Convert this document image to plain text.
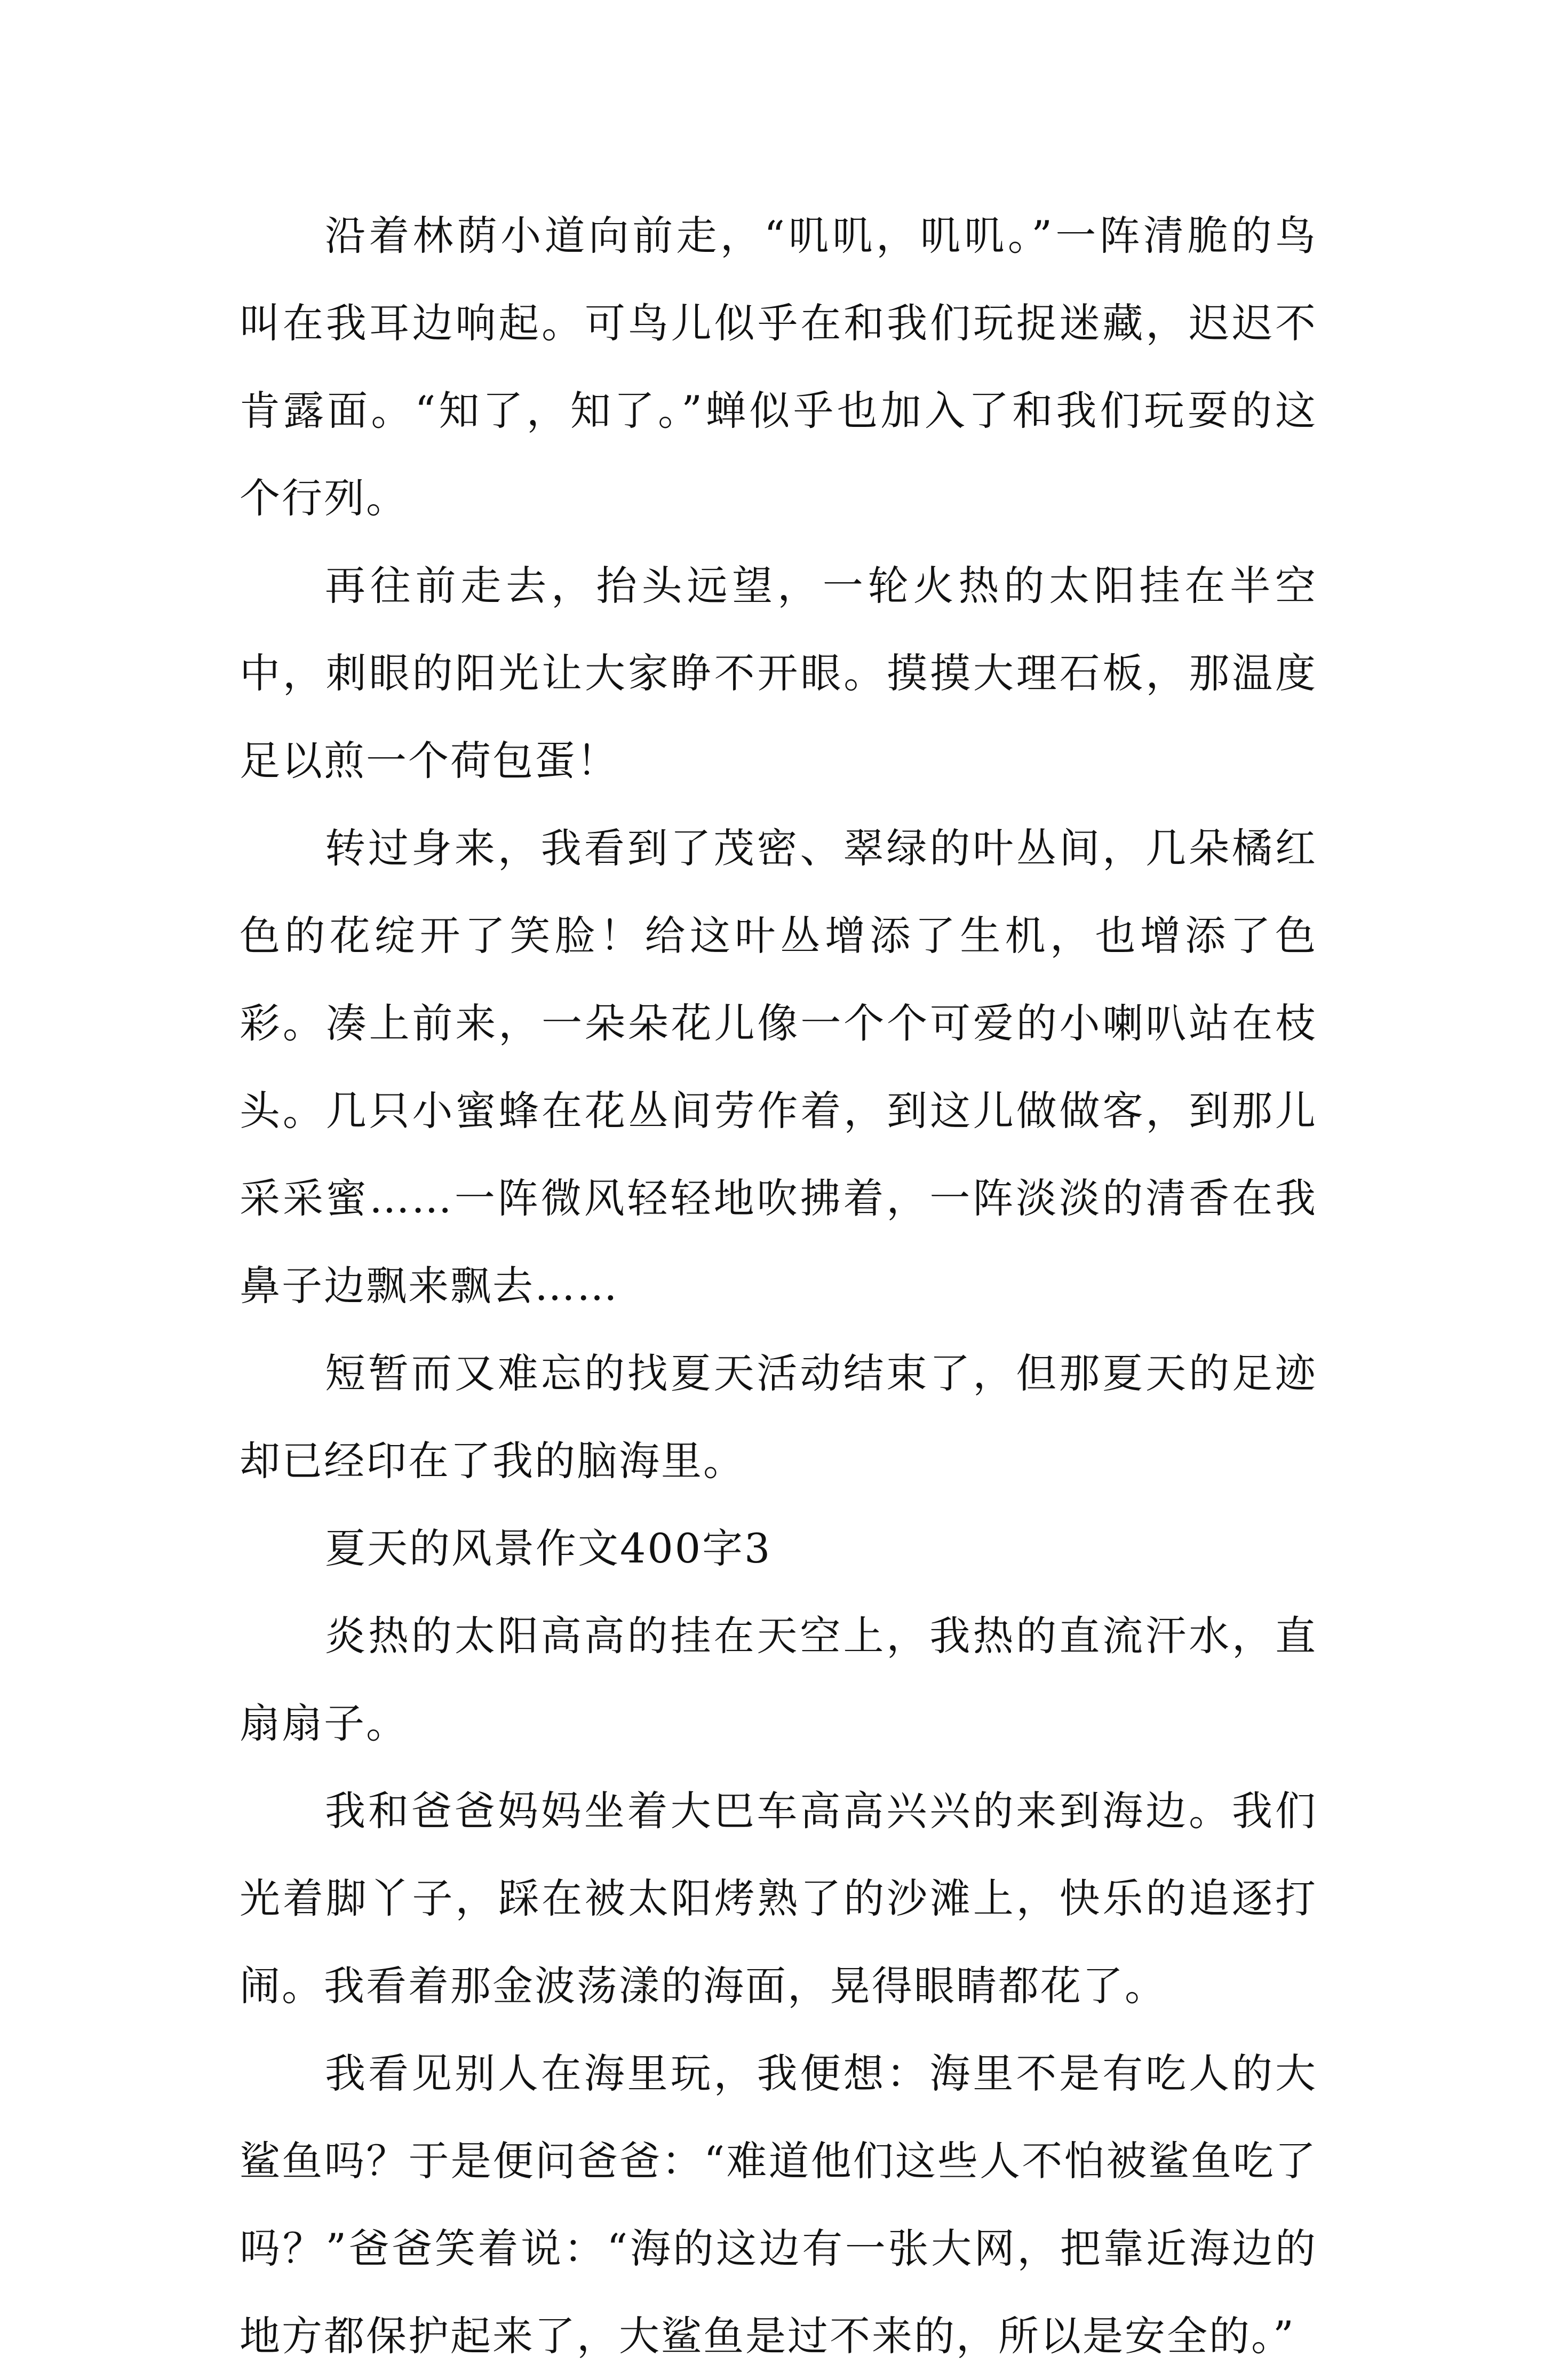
沿着林荫小道向前走，“叽叽，叽叽。”一阵清脆的鸟叫在我耳边响起。可鸟儿似乎在和我们玩捉迷藏，迟迟不肯露面。“知了，知了。”蝉似乎也加入了和我们玩耍的这个行列。

再往前走去，抬头远望，一轮火热的太阳挂在半空中，刺眼的阳光让大家睁不开眼。摸摸大理石板，那温度足以煎一个荷包蛋！

转过身来，我看到了茂密、翠绿的叶丛间，几朵橘红色的花绽开了笑脸！给这叶丛增添了生机，也增添了色彩。凑上前来，一朵朵花儿像一个个可爱的小喇叭站在枝头。几只小蜜蜂在花丛间劳作着，到这儿做做客，到那儿采采蜜……一阵微风轻轻地吹拂着，一阵淡淡的清香在我鼻子边飘来飘去……

短暂而又难忘的找夏天活动结束了，但那夏天的足迹却已经印在了我的脑海里。

夏天的风景作文400字3

炎热的太阳高高的挂在天空上，我热的直流汗水，直扇扇子。

我和爸爸妈妈坐着大巴车高高兴兴的来到海边。我们光着脚丫子，踩在被太阳烤熟了的沙滩上，快乐的追逐打闹。我看着那金波荡漾的海面，晃得眼睛都花了。

我看见别人在海里玩，我便想：海里不是有吃人的大鲨鱼吗？于是便问爸爸：“难道他们这些人不怕被鲨鱼吃了吗？”爸爸笑着说：“海的这边有一张大网，把靠近海边的地方都保护起来了，大鲨鱼是过不来的，所以是安全的。”
